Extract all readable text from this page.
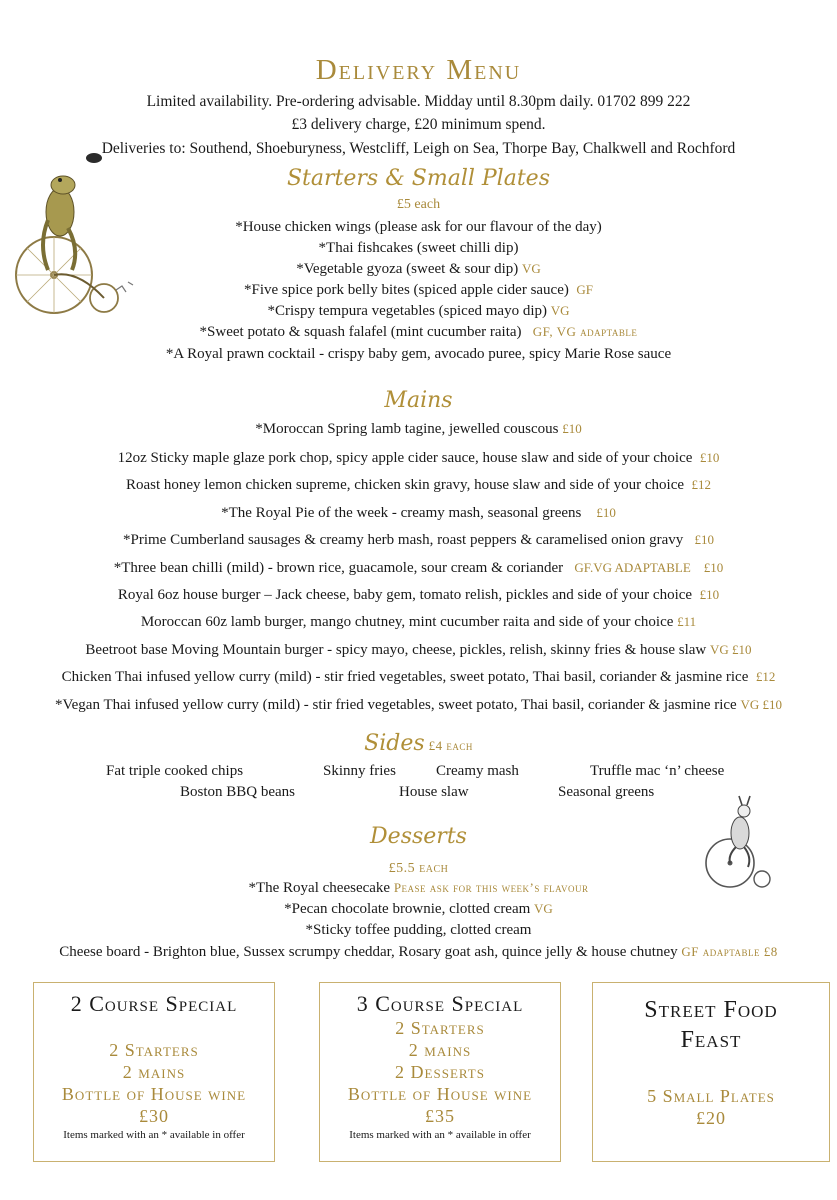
Delivery Menu
Limited availability. Pre-ordering advisable. Midday until 8.30pm daily. 01702 899 222
£3 delivery charge, £20 minimum spend.
Deliveries to: Southend, Shoeburyness, Westcliff, Leigh on Sea, Thorpe Bay, Chalkwell and Rochford
Starters & Small Plates
£5 each
*House chicken wings (please ask for our flavour of the day)
*Thai fishcakes (sweet chilli dip)
*Vegetable gyoza (sweet & sour dip) VG
*Five spice pork belly bites (spiced apple cider sauce) GF
*Crispy tempura vegetables (spiced mayo dip) VG
*Sweet potato & squash falafel (mint cucumber raita) GF, VG adaptable
*A Royal prawn cocktail - crispy baby gem, avocado puree, spicy Marie Rose sauce
Mains
*Moroccan Spring lamb tagine, jewelled couscous £10
12oz Sticky maple glaze pork chop, spicy apple cider sauce, house slaw and side of your choice £10
Roast honey lemon chicken supreme, chicken skin gravy, house slaw and side of your choice £12
*The Royal Pie of the week - creamy mash, seasonal greens £10
*Prime Cumberland sausages & creamy herb mash, roast peppers & caramelised onion gravy £10
*Three bean chilli (mild) - brown rice, guacamole, sour cream & coriander GF.VG ADAPTABLE    £10
Royal 6oz house burger – Jack cheese, baby gem, tomato relish, pickles and side of your choice £10
Moroccan 60z lamb burger, mango chutney, mint cucumber raita and side of your choice £11
Beetroot base Moving Mountain burger - spicy mayo, cheese, pickles, relish, skinny fries & house slaw VG £10
Chicken Thai infused yellow curry (mild) - stir fried vegetables, sweet potato, Thai basil, coriander & jasmine rice £12
*Vegan Thai infused yellow curry (mild) - stir fried vegetables, sweet potato, Thai basil, coriander & jasmine rice VG £10
Sides £4 each
Fat triple cooked chips	Skinny fries	Creamy mash	Truffle mac ‘n’ cheese
Boston BBQ beans	House slaw	Seasonal greens
Desserts
£5.5 each
*The Royal cheesecake Pease ask for this week’s flavour
*Pecan chocolate brownie, clotted cream VG
*Sticky toffee pudding, clotted cream
Cheese board - Brighton blue, Sussex scrumpy cheddar, Rosary goat ash, quince jelly & house chutney GF adaptable £8
2 Course Special
2 Starters
2 mains
Bottle of House wine
£30
Items marked with an * available in offer
3 Course Special
2 Starters
2 mains
2 Desserts
Bottle of House wine
£35
Items marked with an * available in offer
Street Food Feast
5 Small Plates
£20
